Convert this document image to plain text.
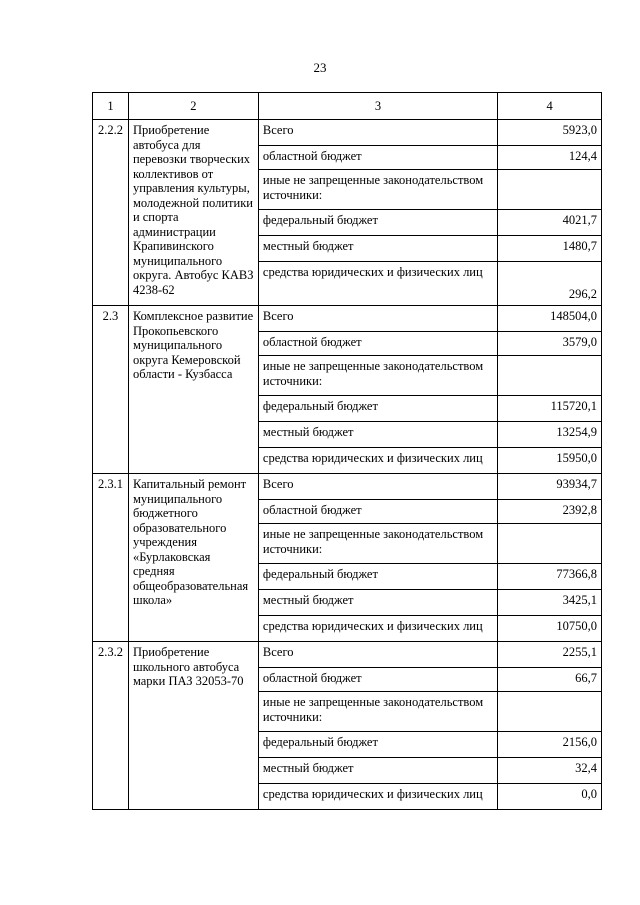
23
1	2	3	4
2.2.2	Приобретение автобуса для перевозки творческих коллективов от управления культуры, молодежной политики и спорта администрации Крапивинского муниципального округа. Автобус КАВЗ 4238-62	Всего	5923,0
		областной бюджет	124,4
		иные не запрещенные законодательством источники:	
		федеральный бюджет	4021,7
		местный бюджет	1480,7
		средства юридических и физических лиц	296,2
2.3	Комплексное развитие Прокопьевского муниципального округа Кемеровской области - Кузбасса	Всего	148504,0
		областной бюджет	3579,0
		иные не запрещенные законодательством источники:	
		федеральный бюджет	115720,1
		местный бюджет	13254,9
		средства юридических и физических лиц	15950,0
2.3.1	Капитальный ремонт муниципального бюджетного образовательного учреждения «Бурлаковская средняя общеобразовательная школа»	Всего	93934,7
		областной бюджет	2392,8
		иные не запрещенные законодательством источники:	
		федеральный бюджет	77366,8
		местный бюджет	3425,1
		средства юридических и физических лиц	10750,0
2.3.2	Приобретение школьного автобуса марки ПАЗ 32053-70	Всего	2255,1
		областной бюджет	66,7
		иные не запрещенные законодательством источники:	
		федеральный бюджет	2156,0
		местный бюджет	32,4
		средства юридических и физических лиц	0,0
